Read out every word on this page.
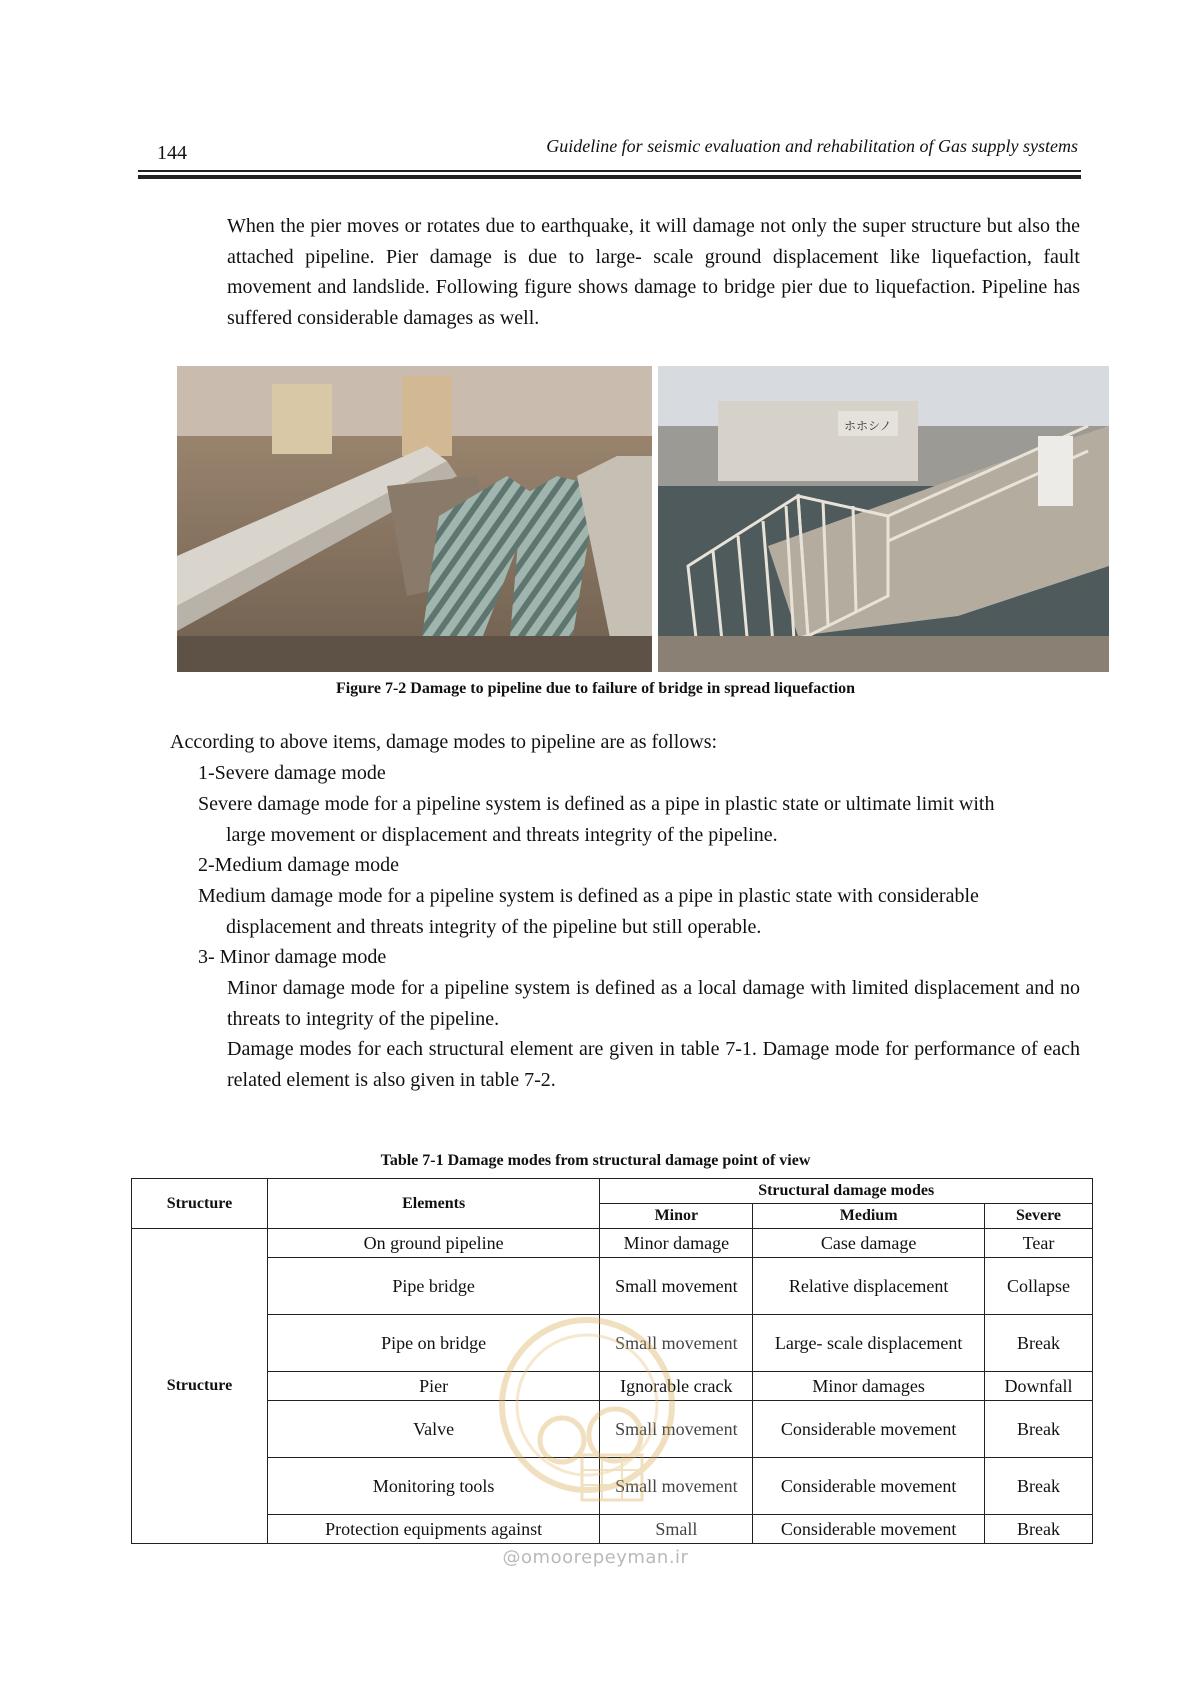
144	Guideline for seismic evaluation and rehabilitation of Gas supply systems

When the pier moves or rotates due to earthquake, it will damage not only the super structure but also the attached pipeline. Pier damage is due to large- scale ground displacement like liquefaction, fault movement and landslide. Following figure shows damage to bridge pier due to liquefaction. Pipeline has suffered considerable damages as well.

ホホシノ
Figure 7-2 Damage to pipeline due to failure of bridge in spread liquefaction
According to above items, damage modes to pipeline are as follows:
1-Severe damage mode
Severe damage mode for a pipeline system is defined as a pipe in plastic state or ultimate limit with
large movement or displacement and threats integrity of the pipeline.
2-Medium damage mode
Medium damage mode for a pipeline system is defined as a pipe in plastic state with considerable
displacement and threats integrity of the pipeline but still operable.
3- Minor damage mode
Minor damage mode for a pipeline system is defined as a local damage with limited displacement and no threats to integrity of the pipeline.
Damage modes for each structural element are given in table 7-1. Damage mode for performance of each related element is also given in table 7-2.
Table 7-1 Damage modes from structural damage point of view
Structure	Elements	Structural damage modes		
		Minor	Medium	Severe
Structure	On ground pipeline	Minor damage	Case damage	Tear
	Pipe bridge	Small movement	Relative displacement	Collapse
	Pipe on bridge	Small movement	Large- scale displacement	Break
	Pier	Ignorable crack	Minor damages	Downfall
	Valve	Small movement	Considerable movement	Break
	Monitoring tools	Small movement	Considerable movement	Break
	Protection equipments against	Small	Considerable movement	Break
@omoorepeyman.ir
